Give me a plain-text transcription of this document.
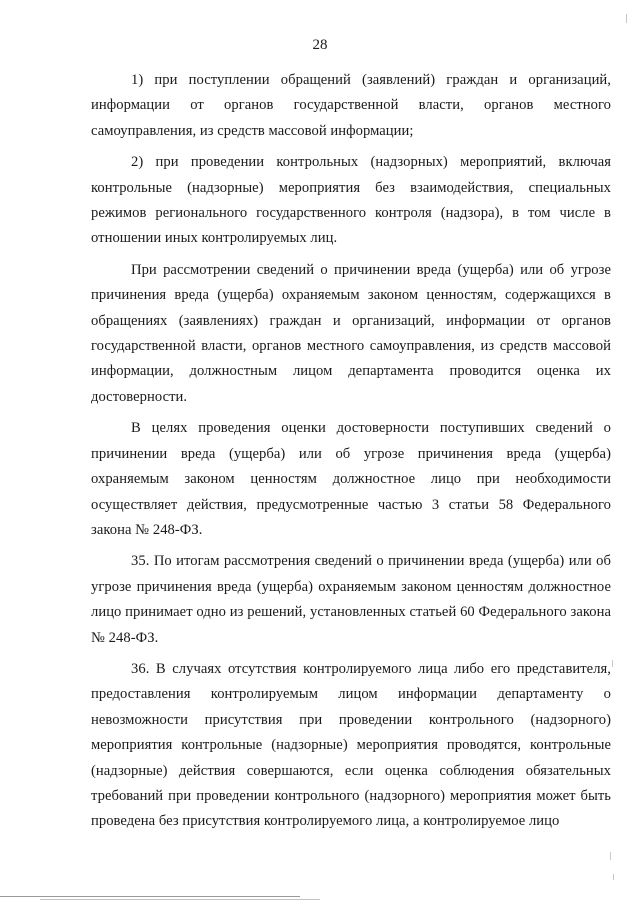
28

1) при поступлении обращений (заявлений) граждан и организаций, информации от органов государственной власти, органов местного самоуправления, из средств массовой информации;

2) при проведении контрольных (надзорных) мероприятий, включая контрольные (надзорные) мероприятия без взаимодействия, специальных режимов регионального государственного контроля (надзора), в том числе в отношении иных контролируемых лиц.

При рассмотрении сведений о причинении вреда (ущерба) или об угрозе причинения вреда (ущерба) охраняемым законом ценностям, содержащихся в обращениях (заявлениях) граждан и организаций, информации от органов государственной власти, органов местного самоуправления, из средств массовой информации, должностным лицом департамента проводится оценка их достоверности.

В целях проведения оценки достоверности поступивших сведений о причинении вреда (ущерба) или об угрозе причинения вреда (ущерба) охраняемым законом ценностям должностное лицо при необходимости осуществляет действия, предусмотренные частью 3 статьи 58 Федерального закона № 248-ФЗ.

35. По итогам рассмотрения сведений о причинении вреда (ущерба) или об угрозе причинения вреда (ущерба) охраняемым законом ценностям должностное лицо принимает одно из решений, установленных статьей 60 Федерального закона № 248-ФЗ.

36. В случаях отсутствия контролируемого лица либо его представителя, предоставления контролируемым лицом информации департаменту о невозможности присутствия при проведении контрольного (надзорного) мероприятия контрольные (надзорные) мероприятия проводятся, контрольные (надзорные) действия совершаются, если оценка соблюдения обязательных требований при проведении контрольного (надзорного) мероприятия может быть проведена без присутствия контролируемого лица, а контролируемое лицо
